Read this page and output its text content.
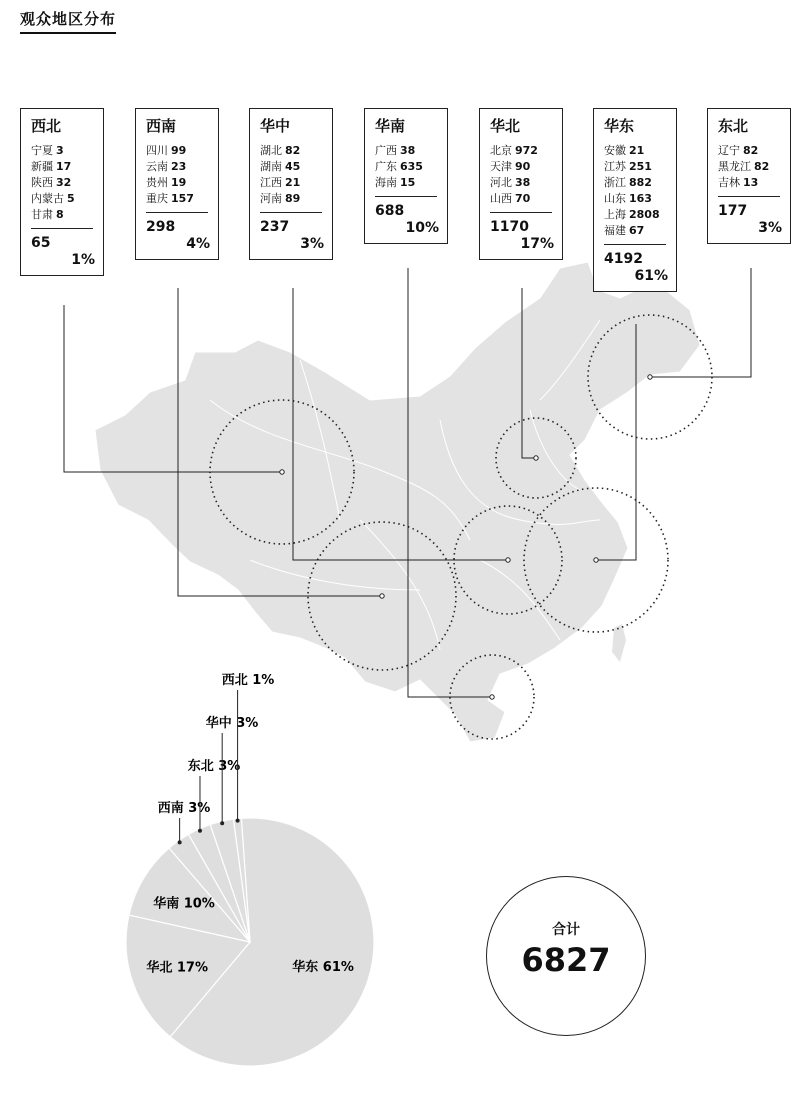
观众地区分布
华东 61%
华北 17%
华南 10%
西南 3%
东北 3%
华中 3%
西北 1%
西北
宁夏 3
新疆 17
陕西 32
内蒙古 5
甘肃 8
65
1%
西南
四川 99
云南 23
贵州 19
重庆 157
298
4%
华中
湖北 82
湖南 45
江西 21
河南 89
237
3%
华南
广西 38
广东 635
海南 15
688
10%
华北
北京 972
天津 90
河北 38
山西 70
1170
17%
华东
安徽 21
江苏 251
浙江 882
山东 163
上海 2808
福建 67
4192
61%
东北
辽宁 82
黑龙江 82
吉林 13
177
3%
合计
6827
